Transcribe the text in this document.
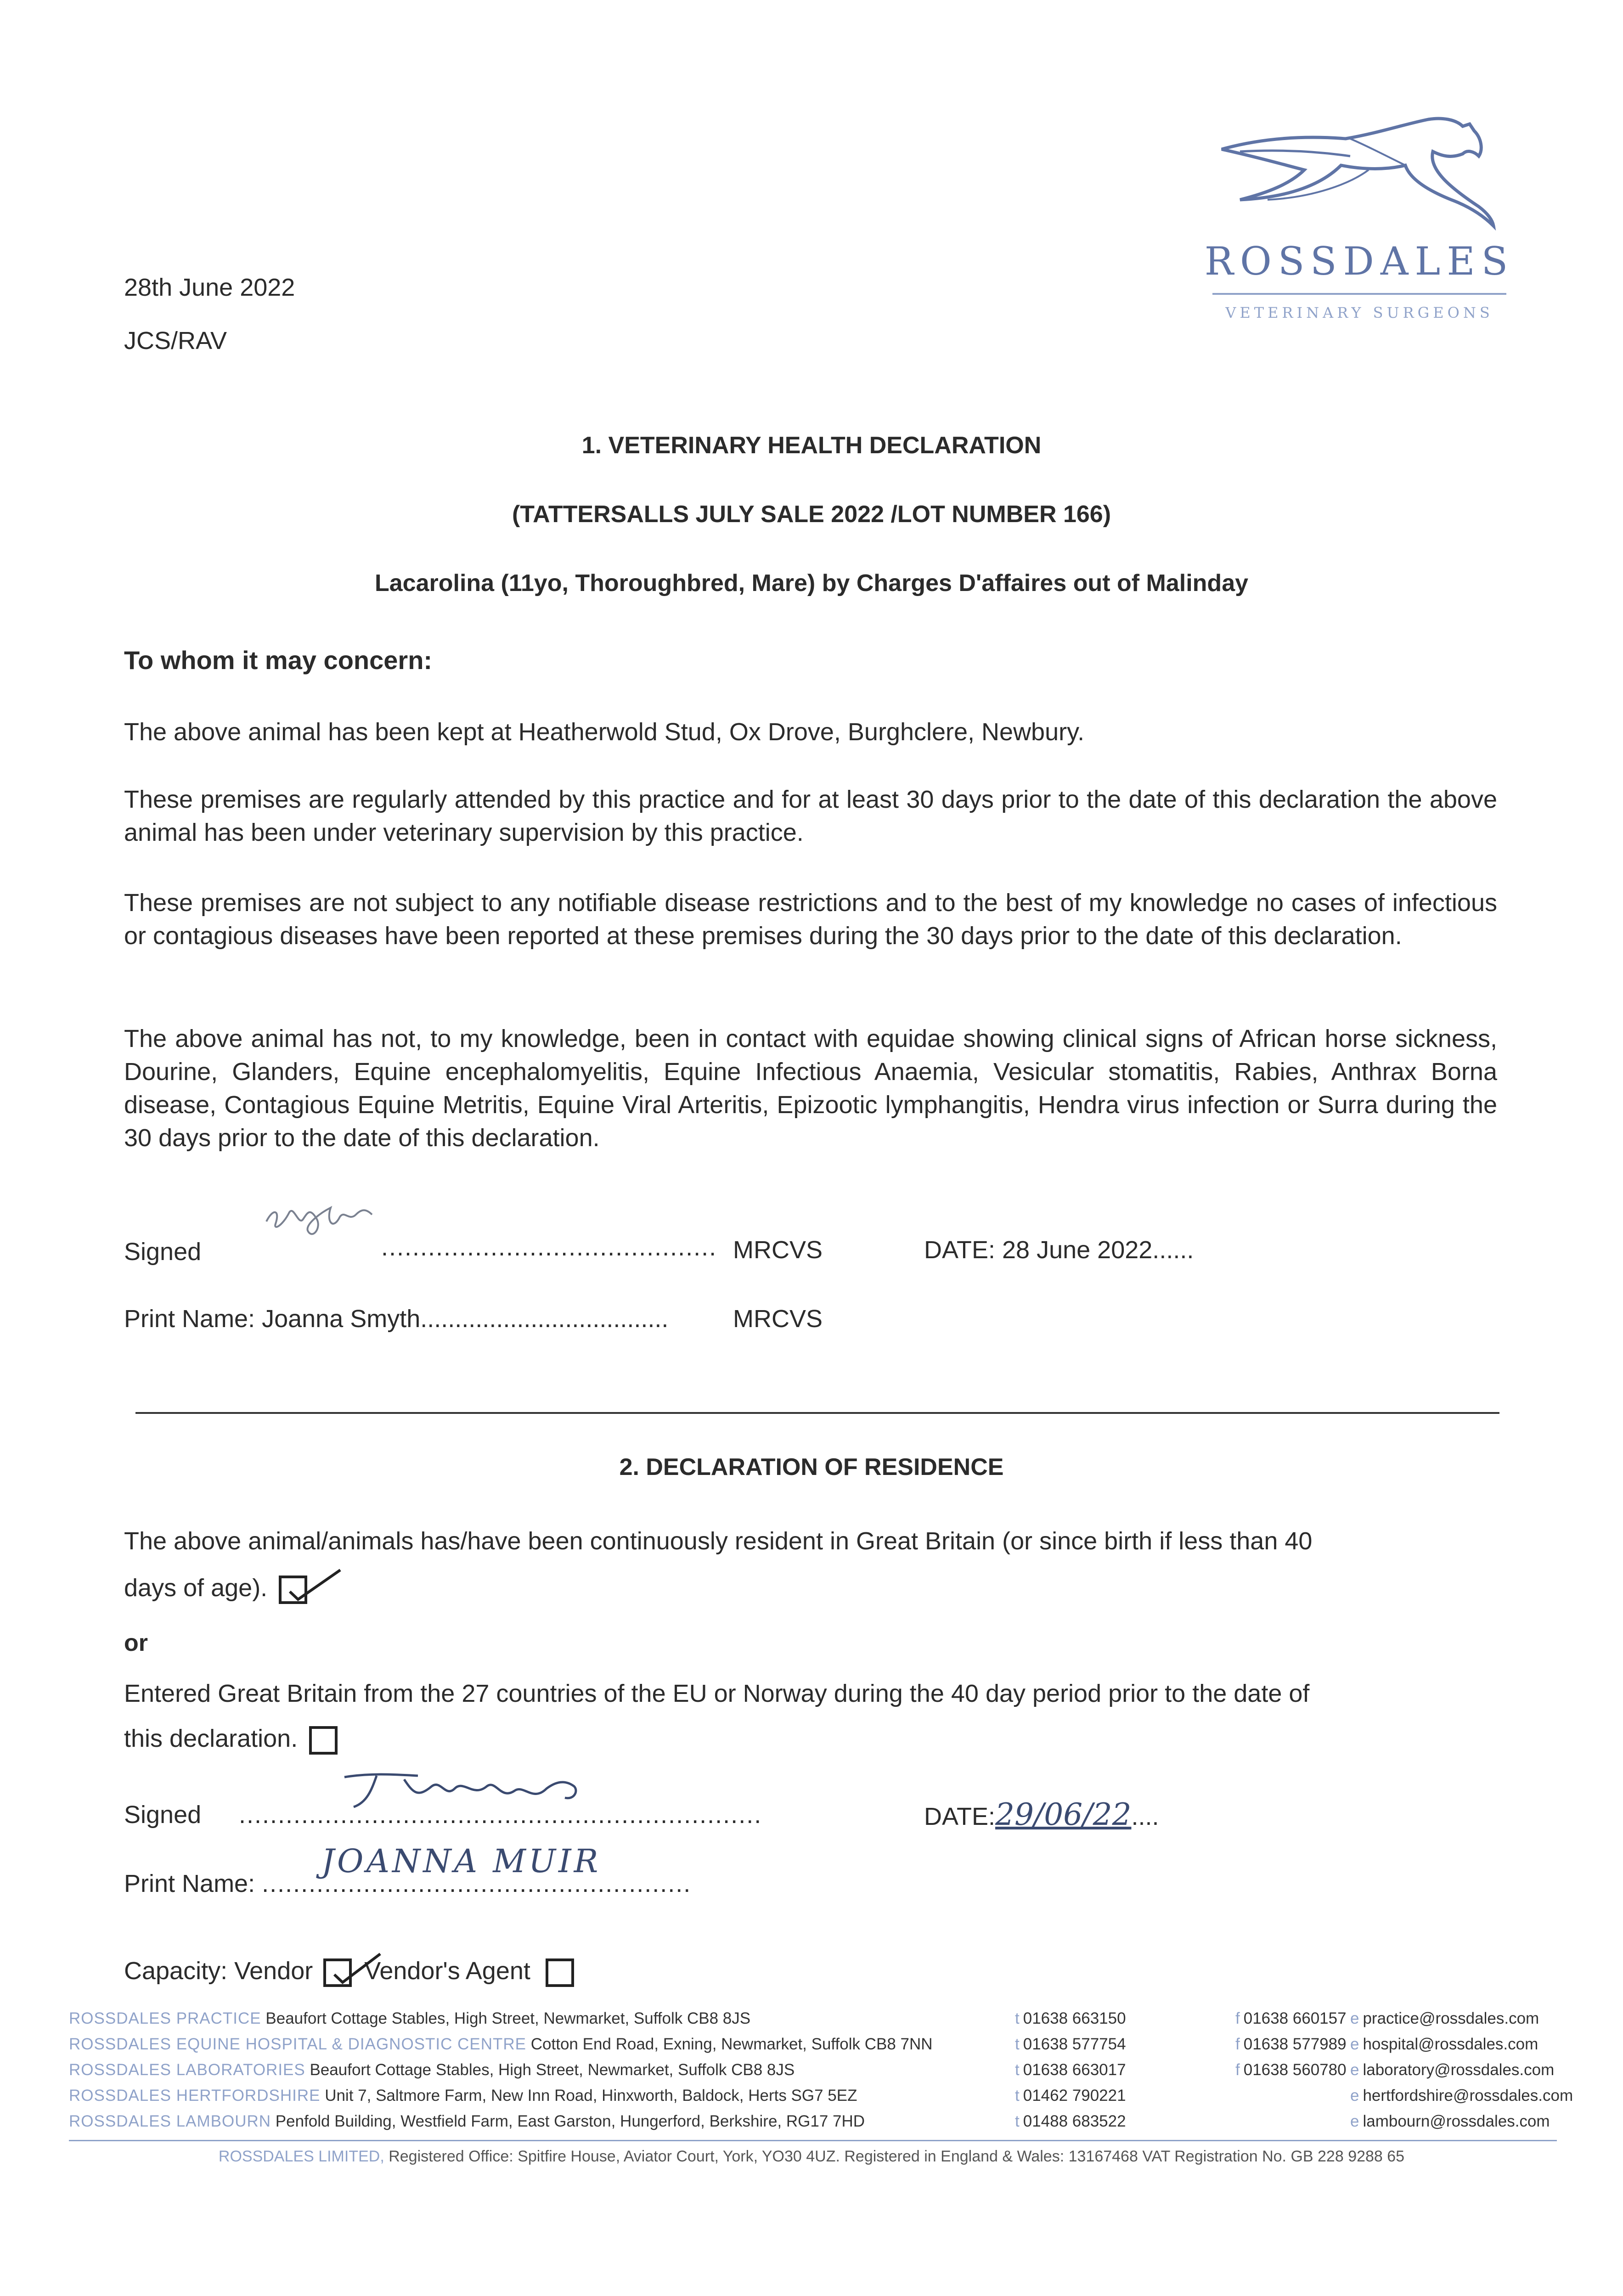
ROSSDALES
VETERINARY SURGEONS
28th June 2022
JCS/RAV
1. VETERINARY HEALTH DECLARATION
(TATTERSALLS JULY SALE 2022 /LOT NUMBER 166)
Lacarolina (11yo, Thoroughbred, Mare) by Charges D'affaires out of Malinday
To whom it may concern:
The above animal has been kept at Heatherwold Stud, Ox Drove, Burghclere, Newbury.
These premises are regularly attended by this practice and for at least 30 days prior to the date of this declaration the above animal has been under veterinary supervision by this practice.
These premises are not subject to any notifiable disease restrictions and to the best of my knowledge no cases of infectious or contagious diseases have been reported at these premises during the 30 days prior to the date of this declaration.
The above animal has not, to my knowledge, been in contact with equidae showing clinical signs of African horse sickness, Dourine, Glanders, Equine encephalomyelitis, Equine Infectious Anaemia, Vesicular stomatitis, Rabies, Anthrax Borna disease, Contagious Equine Metritis, Equine Viral Arteritis, Epizootic lymphangitis, Hendra virus infection or Surra during the 30 days prior to the date of this declaration.
Signed	........................................... MRCVS	DATE: 28 June 2022......
Print Name: Joanna Smyth....................................	MRCVS
2. DECLARATION OF RESIDENCE
The above animal/animals has/have been continuously resident in Great Britain (or since birth if less than 40
days of age).
or
Entered Great Britain from the 27 countries of the EU or Norway during the 40 day period prior to the date of
this declaration.
Signed ...................................................................	DATE:29/06/22....
Print Name: .......................................................
JOANNA MUIR
Capacity: Vendor Vendor's Agent
ROSSDALES PRACTICE Beaufort Cottage Stables, High Street, Newmarket, Suffolk CB8 8JS	t 01638 663150	f 01638 660157 e practice@rossdales.com
ROSSDALES EQUINE HOSPITAL & DIAGNOSTIC CENTRE Cotton End Road, Exning, Newmarket, Suffolk CB8 7NN	t 01638 577754	f 01638 577989 e hospital@rossdales.com
ROSSDALES LABORATORIES Beaufort Cottage Stables, High Street, Newmarket, Suffolk CB8 8JS	t 01638 663017	f 01638 560780 e laboratory@rossdales.com
ROSSDALES HERTFORDSHIRE Unit 7, Saltmore Farm, New Inn Road, Hinxworth, Baldock, Herts SG7 5EZ	t 01462 790221	e hertfordshire@rossdales.com
ROSSDALES LAMBOURN Penfold Building, Westfield Farm, East Garston, Hungerford, Berkshire, RG17 7HD	t 01488 683522	e lambourn@rossdales.com
ROSSDALES LIMITED, Registered Office: Spitfire House, Aviator Court, York, YO30 4UZ. Registered in England & Wales: 13167468 VAT Registration No. GB 228 9288 65
